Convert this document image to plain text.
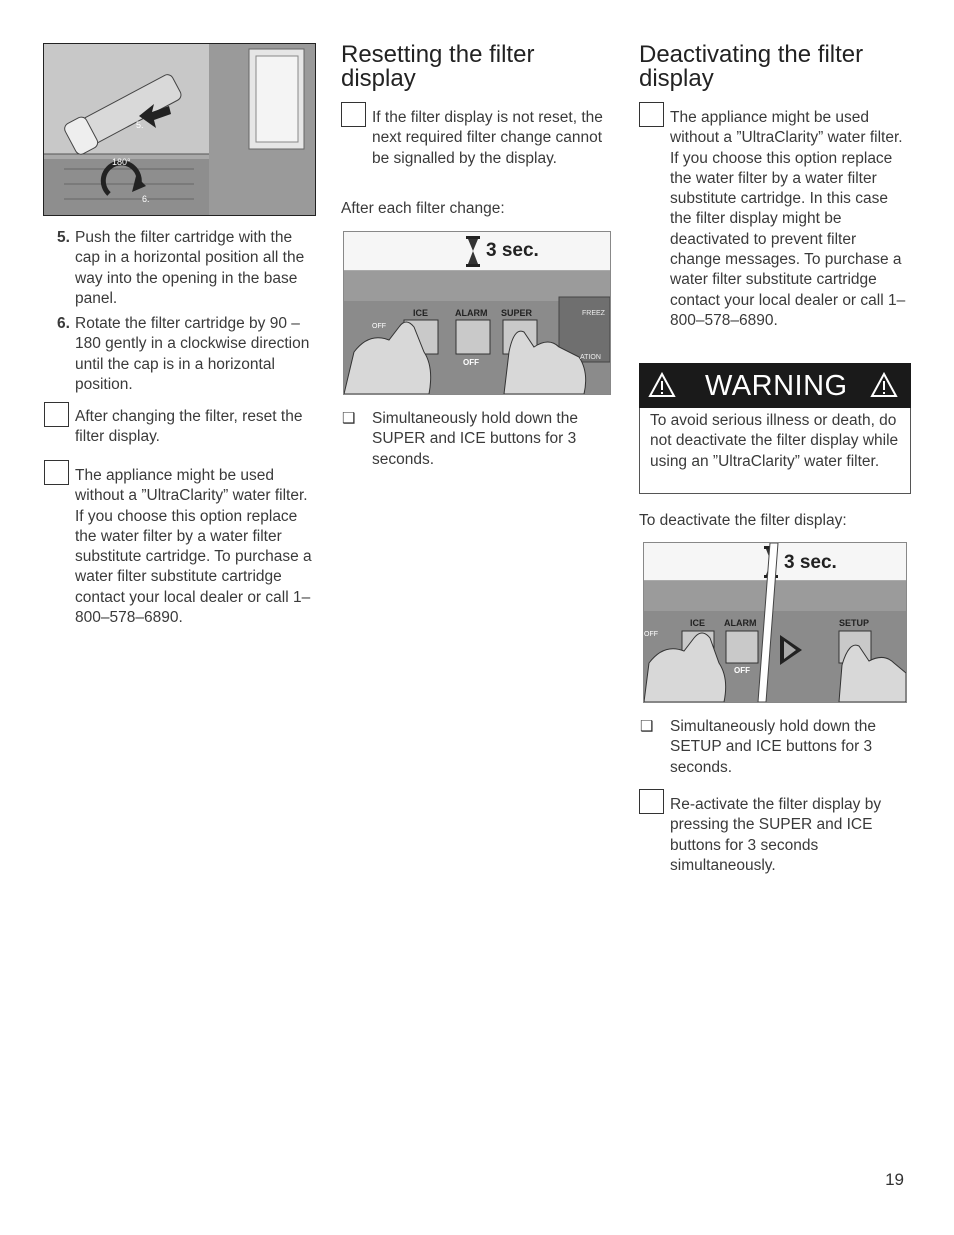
5.
6.
180°
5. Push the filter cartridge with the cap in a horizontal position all the way into the opening in the base panel.
6. Rotate the filter cartridge by 90 –180 gently in a clockwise direction until the cap is in a horizontal position.
After changing the filter, reset the filter display.
The appliance might be used without a ”UltraClarity” water filter. If you choose this option replace the water filter by a water filter substitute cartridge. To purchase a water filter substitute cartridge contact your local dealer or call 1–800–578–6890.
Resetting the filter display
If the filter display is not reset, the next required filter change cannot be signalled by the display.
After each filter change:
3 sec.
ICE	ALARM SUPER
OFF
OFF
FREEZ
ATION
❑ Simultaneously hold down the SUPER and ICE buttons for 3 seconds.
Deactivating the filter display
The appliance might be used without a ”UltraClarity” water filter. If you choose this option replace the water filter by a water filter substitute cartridge. In this case the filter display might be deactivated to prevent filter change messages. To purchase a water filter substitute cartridge contact your local dealer or call 1–800–578–6890.
WARNING
To avoid serious illness or death, do not deactivate the filter display while using an ”UltraClarity” water filter.
To deactivate the filter display:
3 sec.
ICE ALARM	SETUP
OFF
OFF
❑ Simultaneously hold down the SETUP and ICE buttons for 3 seconds.
Re-activate the filter display by pressing the SUPER and ICE buttons for 3 seconds simultaneously.
19
